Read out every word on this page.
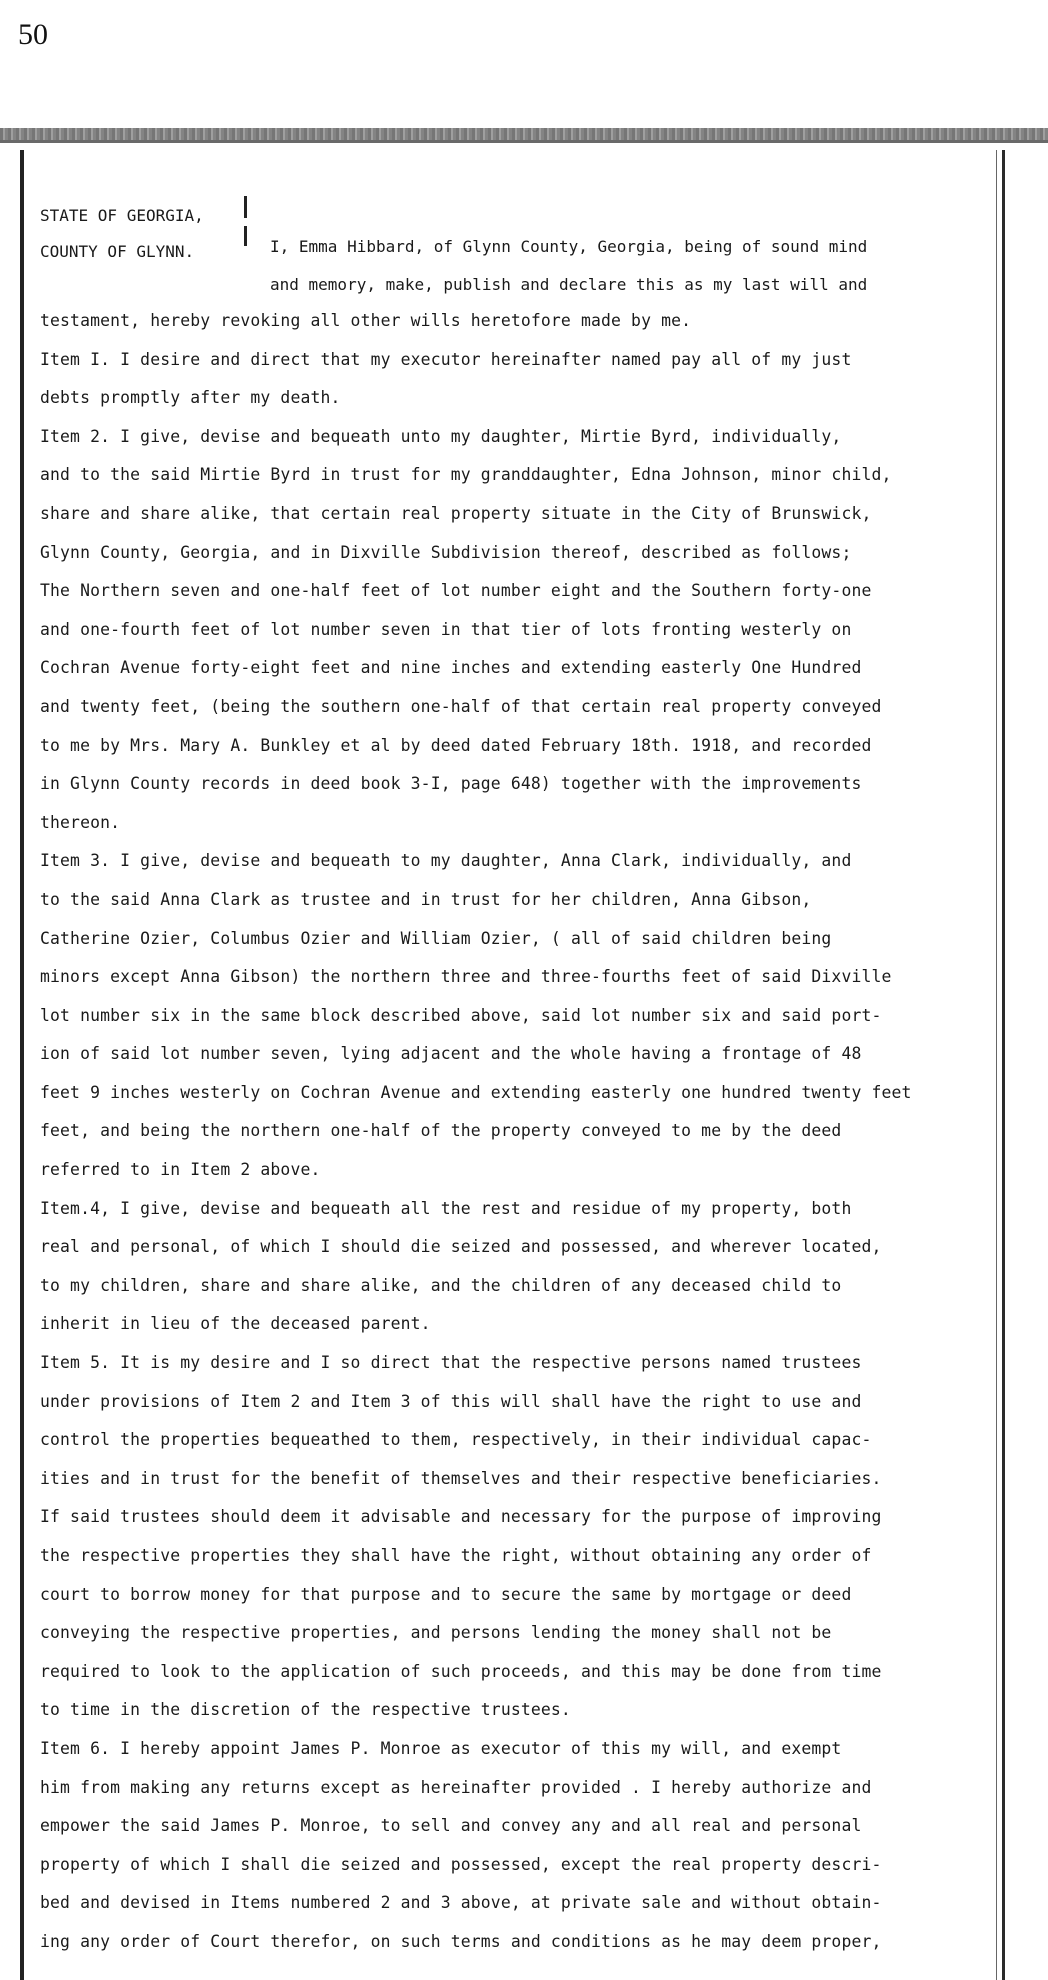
50
STATE OF GEORGIA,
COUNTY OF GLYNN.	I, Emma Hibbard, of Glynn County, Georgia, being of sound mind
and memory, make, publish and declare this as my last will and
testament, hereby revoking all other wills heretofore made by me.
Item I. I desire and direct that my executor hereinafter named pay all of my just
debts promptly after my death.
Item 2. I give, devise and bequeath unto my daughter, Mirtie Byrd, individually,
and to the said Mirtie Byrd in trust for my granddaughter, Edna Johnson, minor child,
share and share alike, that certain real property situate in the City of Brunswick,
Glynn County, Georgia, and in Dixville Subdivision thereof, described as follows;
The Northern seven and one-half feet of lot number eight and the Southern forty-one
and one-fourth feet of lot number seven in that tier of lots fronting westerly on
Cochran Avenue forty-eight feet and nine inches and extending easterly One Hundred
and twenty feet, (being the southern one-half of that certain real property conveyed
to me by Mrs. Mary A. Bunkley et al by deed dated February 18th. 1918, and recorded
in Glynn County records in deed book 3-I, page 648) together with the improvements
thereon.
Item 3. I give, devise and bequeath to my daughter, Anna Clark, individually, and
to the said Anna Clark as trustee and in trust for her children, Anna Gibson,
Catherine Ozier, Columbus Ozier and William Ozier, ( all of said children being
minors except Anna Gibson) the northern three and three-fourths feet of said Dixville
lot number six in the same block described above, said lot number six and said port-
ion of said lot number seven, lying adjacent and the whole having a frontage of 48
feet 9 inches westerly on Cochran Avenue and extending easterly one hundred twenty feet
feet, and being the northern one-half of the property conveyed to me by the deed
referred to in Item 2 above.
Item.4, I give, devise and bequeath all the rest and residue of my property, both
real and personal, of which I should die seized and possessed, and wherever located,
to my children, share and share alike, and the children of any deceased child to
inherit in lieu of the deceased parent.
Item 5. It is my desire and I so direct that the respective persons named trustees
under provisions of Item 2 and Item 3 of this will shall have the right to use and
control the properties bequeathed to them, respectively, in their individual capac-
ities and in trust for the benefit of themselves and their respective beneficiaries.
If said trustees should deem it advisable and necessary for the purpose of improving
the respective properties they shall have the right, without obtaining any order of
court to borrow money for that purpose and to secure the same by mortgage or deed
conveying the respective properties, and persons lending the money shall not be
required to look to the application of such proceeds, and this may be done from time
to time in the discretion of the respective trustees.
Item 6. I hereby appoint James P. Monroe as executor of this my will, and exempt
him from making any returns except as hereinafter provided . I hereby authorize and
empower the said James P. Monroe, to sell and convey any and all real and personal
property of which I shall die seized and possessed, except the real property descri-
bed and devised in Items numbered 2 and 3 above, at private sale and without obtain-
ing any order of Court therefor, on such terms and conditions as he may deem proper,
